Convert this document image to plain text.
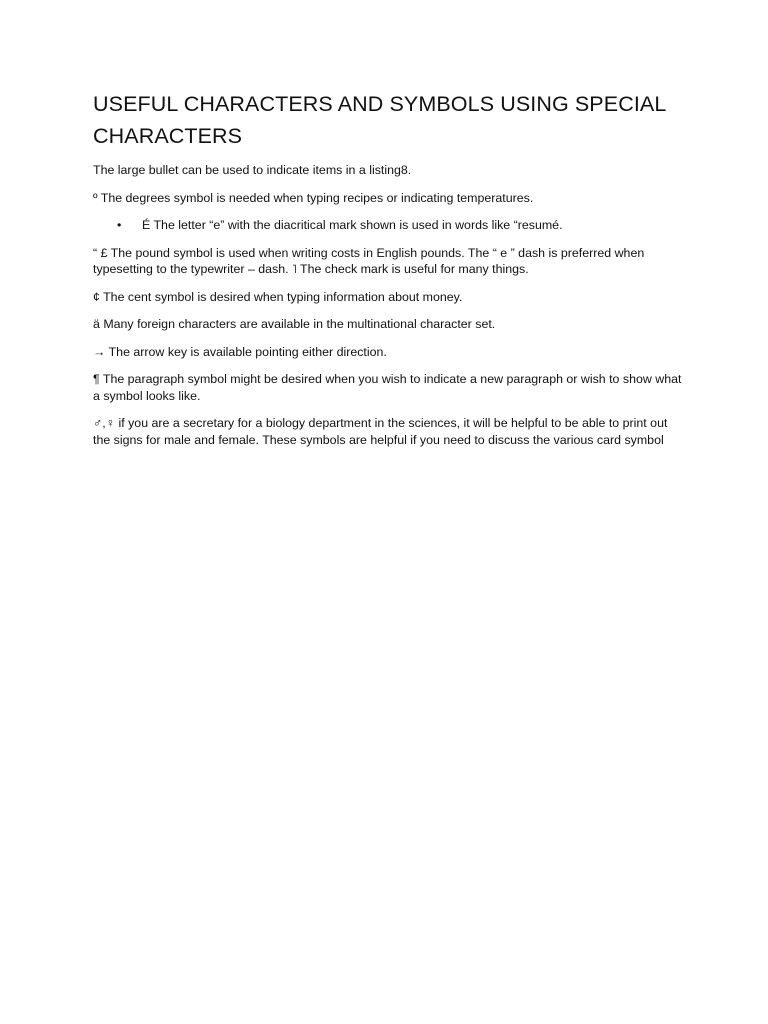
USEFUL CHARACTERS AND SYMBOLS USING SPECIAL CHARACTERS

The large bullet can be used to indicate items in a listing8.

º The degrees symbol is needed when typing recipes or indicating temperatures.

• É The letter “e” with the diacritical mark shown is used in words like “resumé.

“ £ The pound symbol is used when writing costs in English pounds. The “ e ” dash is preferred when typesetting to the typewriter – dash. ˥ The check mark is useful for many things.

¢ The cent symbol is desired when typing information about money.

ä Many foreign characters are available in the multinational character set.

→ The arrow key is available pointing either direction.

¶ The paragraph symbol might be desired when you wish to indicate a new paragraph or wish to show what a symbol looks like.

♂,♀ if you are a secretary for a biology department in the sciences, it will be helpful to be able to print out the signs for male and female. These symbols are helpful if you need to discuss the various card symbol
